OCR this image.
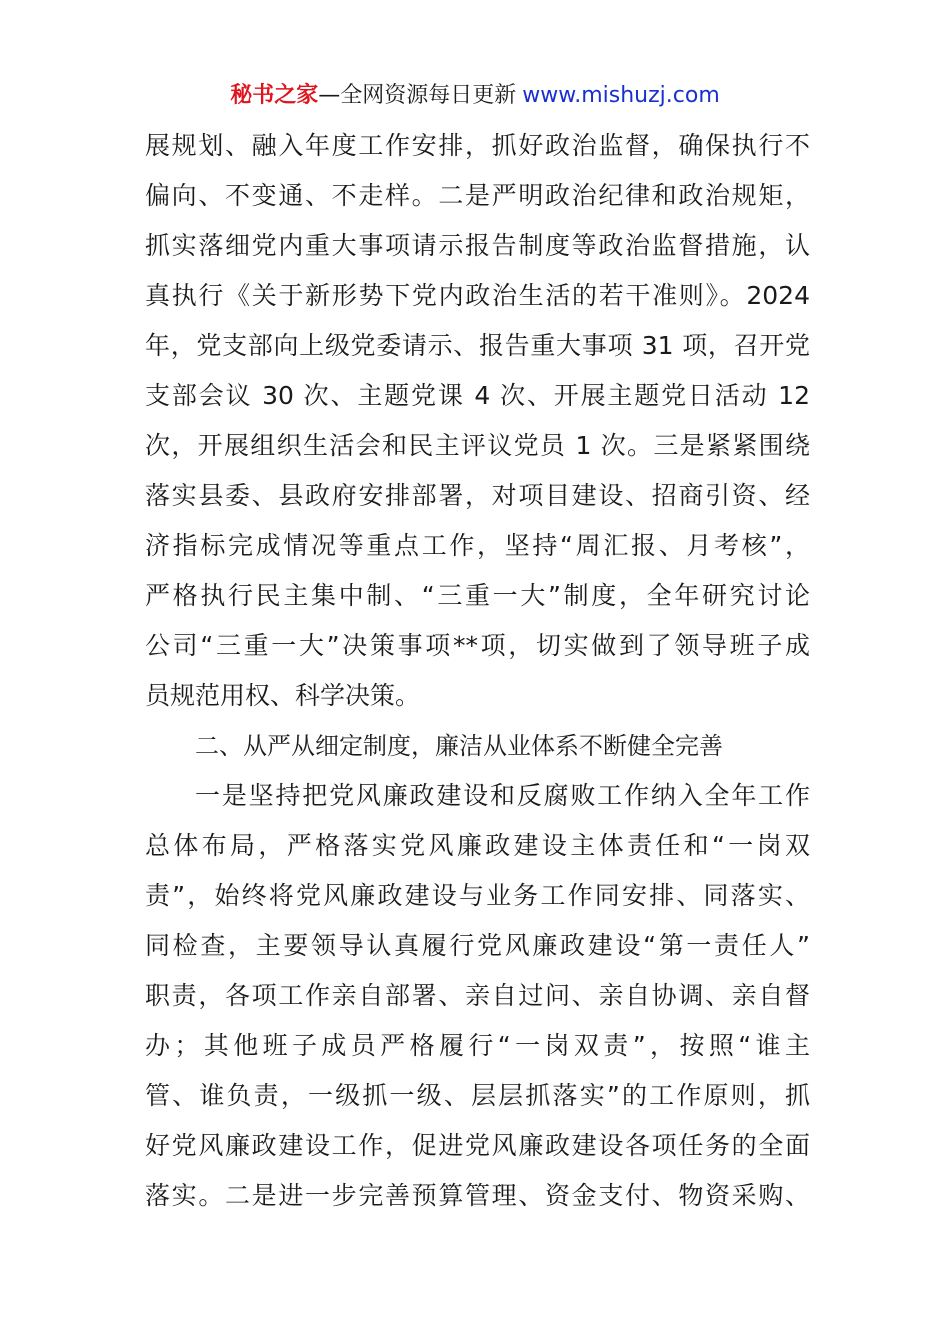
秘书之家—全网资源每日更新 www.mishuzj.com
展规划、融入年度工作安排，抓好政治监督，确保执行不
偏向、不变通、不走样。二是严明政治纪律和政治规矩，
抓实落细党内重大事项请示报告制度等政治监督措施，认
真执行《关于新形势下党内政治生活的若干准则》。2024
年，党支部向上级党委请示、报告重大事项 31 项，召开党
支部会议 30 次、主题党课 4 次、开展主题党日活动 12
次，开展组织生活会和民主评议党员 1 次。三是紧紧围绕
落实县委、县政府安排部署，对项目建设、招商引资、经
济指标完成情况等重点工作，坚持“周汇报、月考核”，
严格执行民主集中制、“三重一大”制度，全年研究讨论
公司“三重一大”决策事项**项，切实做到了领导班子成
员规范用权、科学决策。
二、从严从细定制度，廉洁从业体系不断健全完善
一是坚持把党风廉政建设和反腐败工作纳入全年工作
总体布局，严格落实党风廉政建设主体责任和“一岗双
责”，始终将党风廉政建设与业务工作同安排、同落实、
同检查，主要领导认真履行党风廉政建设“第一责任人”
职责，各项工作亲自部署、亲自过问、亲自协调、亲自督
办；其他班子成员严格履行“一岗双责”，按照“谁主
管、谁负责，一级抓一级、层层抓落实”的工作原则，抓
好党风廉政建设工作，促进党风廉政建设各项任务的全面
落实。二是进一步完善预算管理、资金支付、物资采购、
